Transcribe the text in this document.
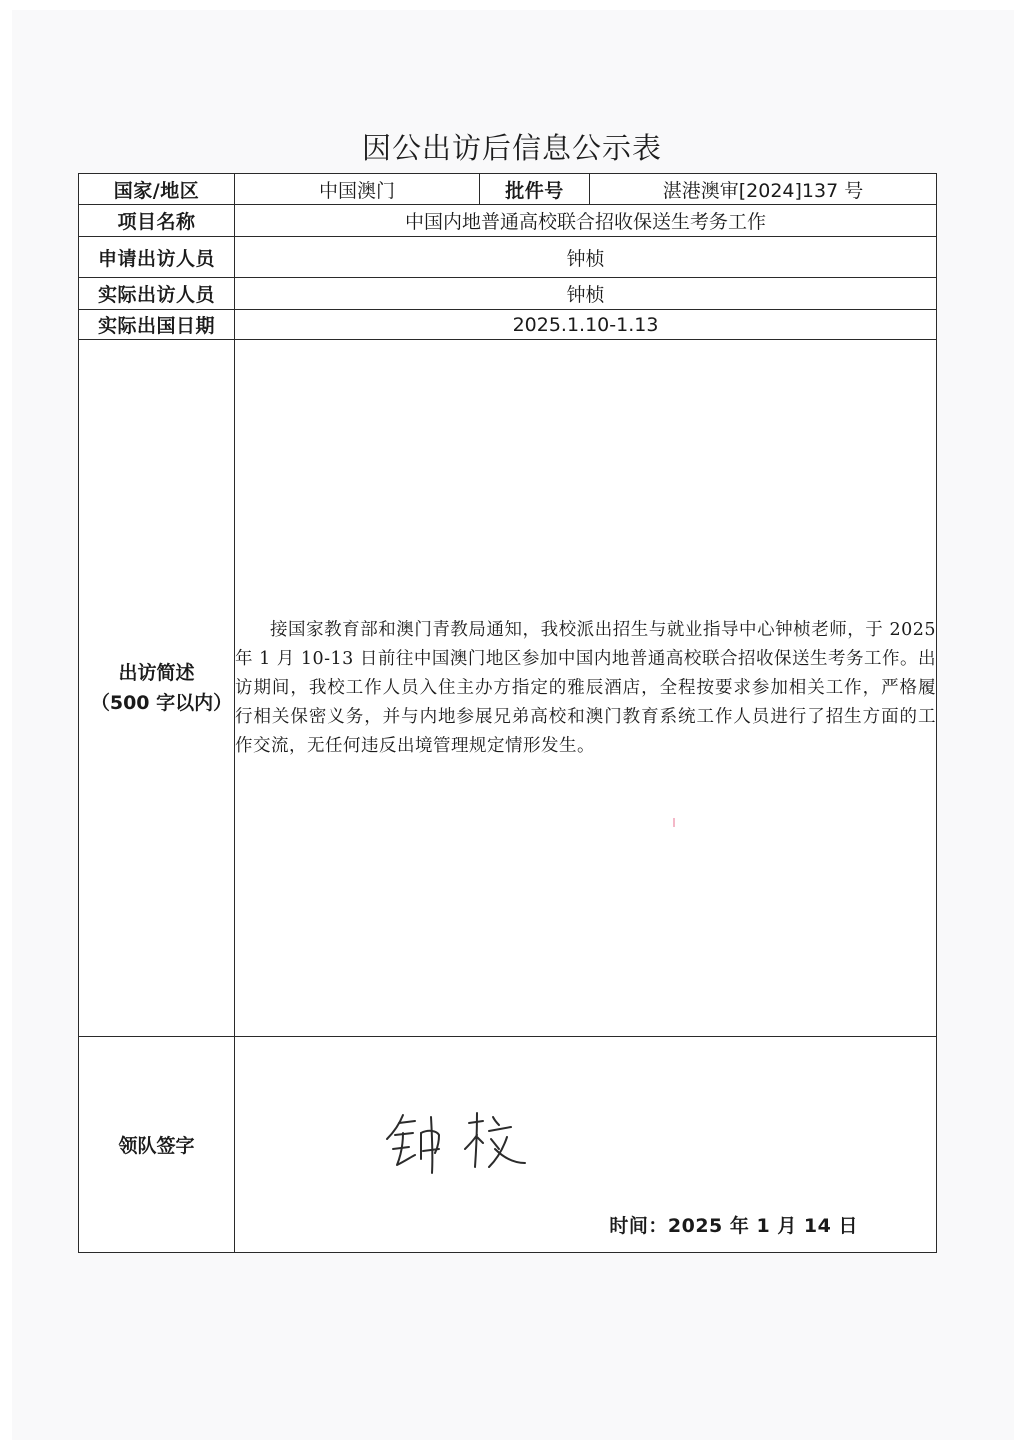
因公出访后信息公示表
国家/地区	中国澳门	批件号	湛港澳审[2024]137 号
项目名称	中国内地普通高校联合招收保送生考务工作		
申请出访人员	钟桢		
实际出访人员	钟桢		
实际出国日期	2025.1.10-1.13		
出访简述
（500 字以内）	接国家教育部和澳门青教局通知，我校派出招生与就业指导中心钟桢老师，于 2025 年 1 月 10-13 日前往中国澳门地区参加中国内地普通高校联合招收保送生考务工作。出访期间，我校工作人员入住主办方指定的雅辰酒店，全程按要求参加相关工作，严格履行相关保密义务，并与内地参展兄弟高校和澳门教育系统工作人员进行了招生方面的工作交流，无任何违反出境管理规定情形发生。		

领队签字	时间：2025 年 1 月 14 日		
